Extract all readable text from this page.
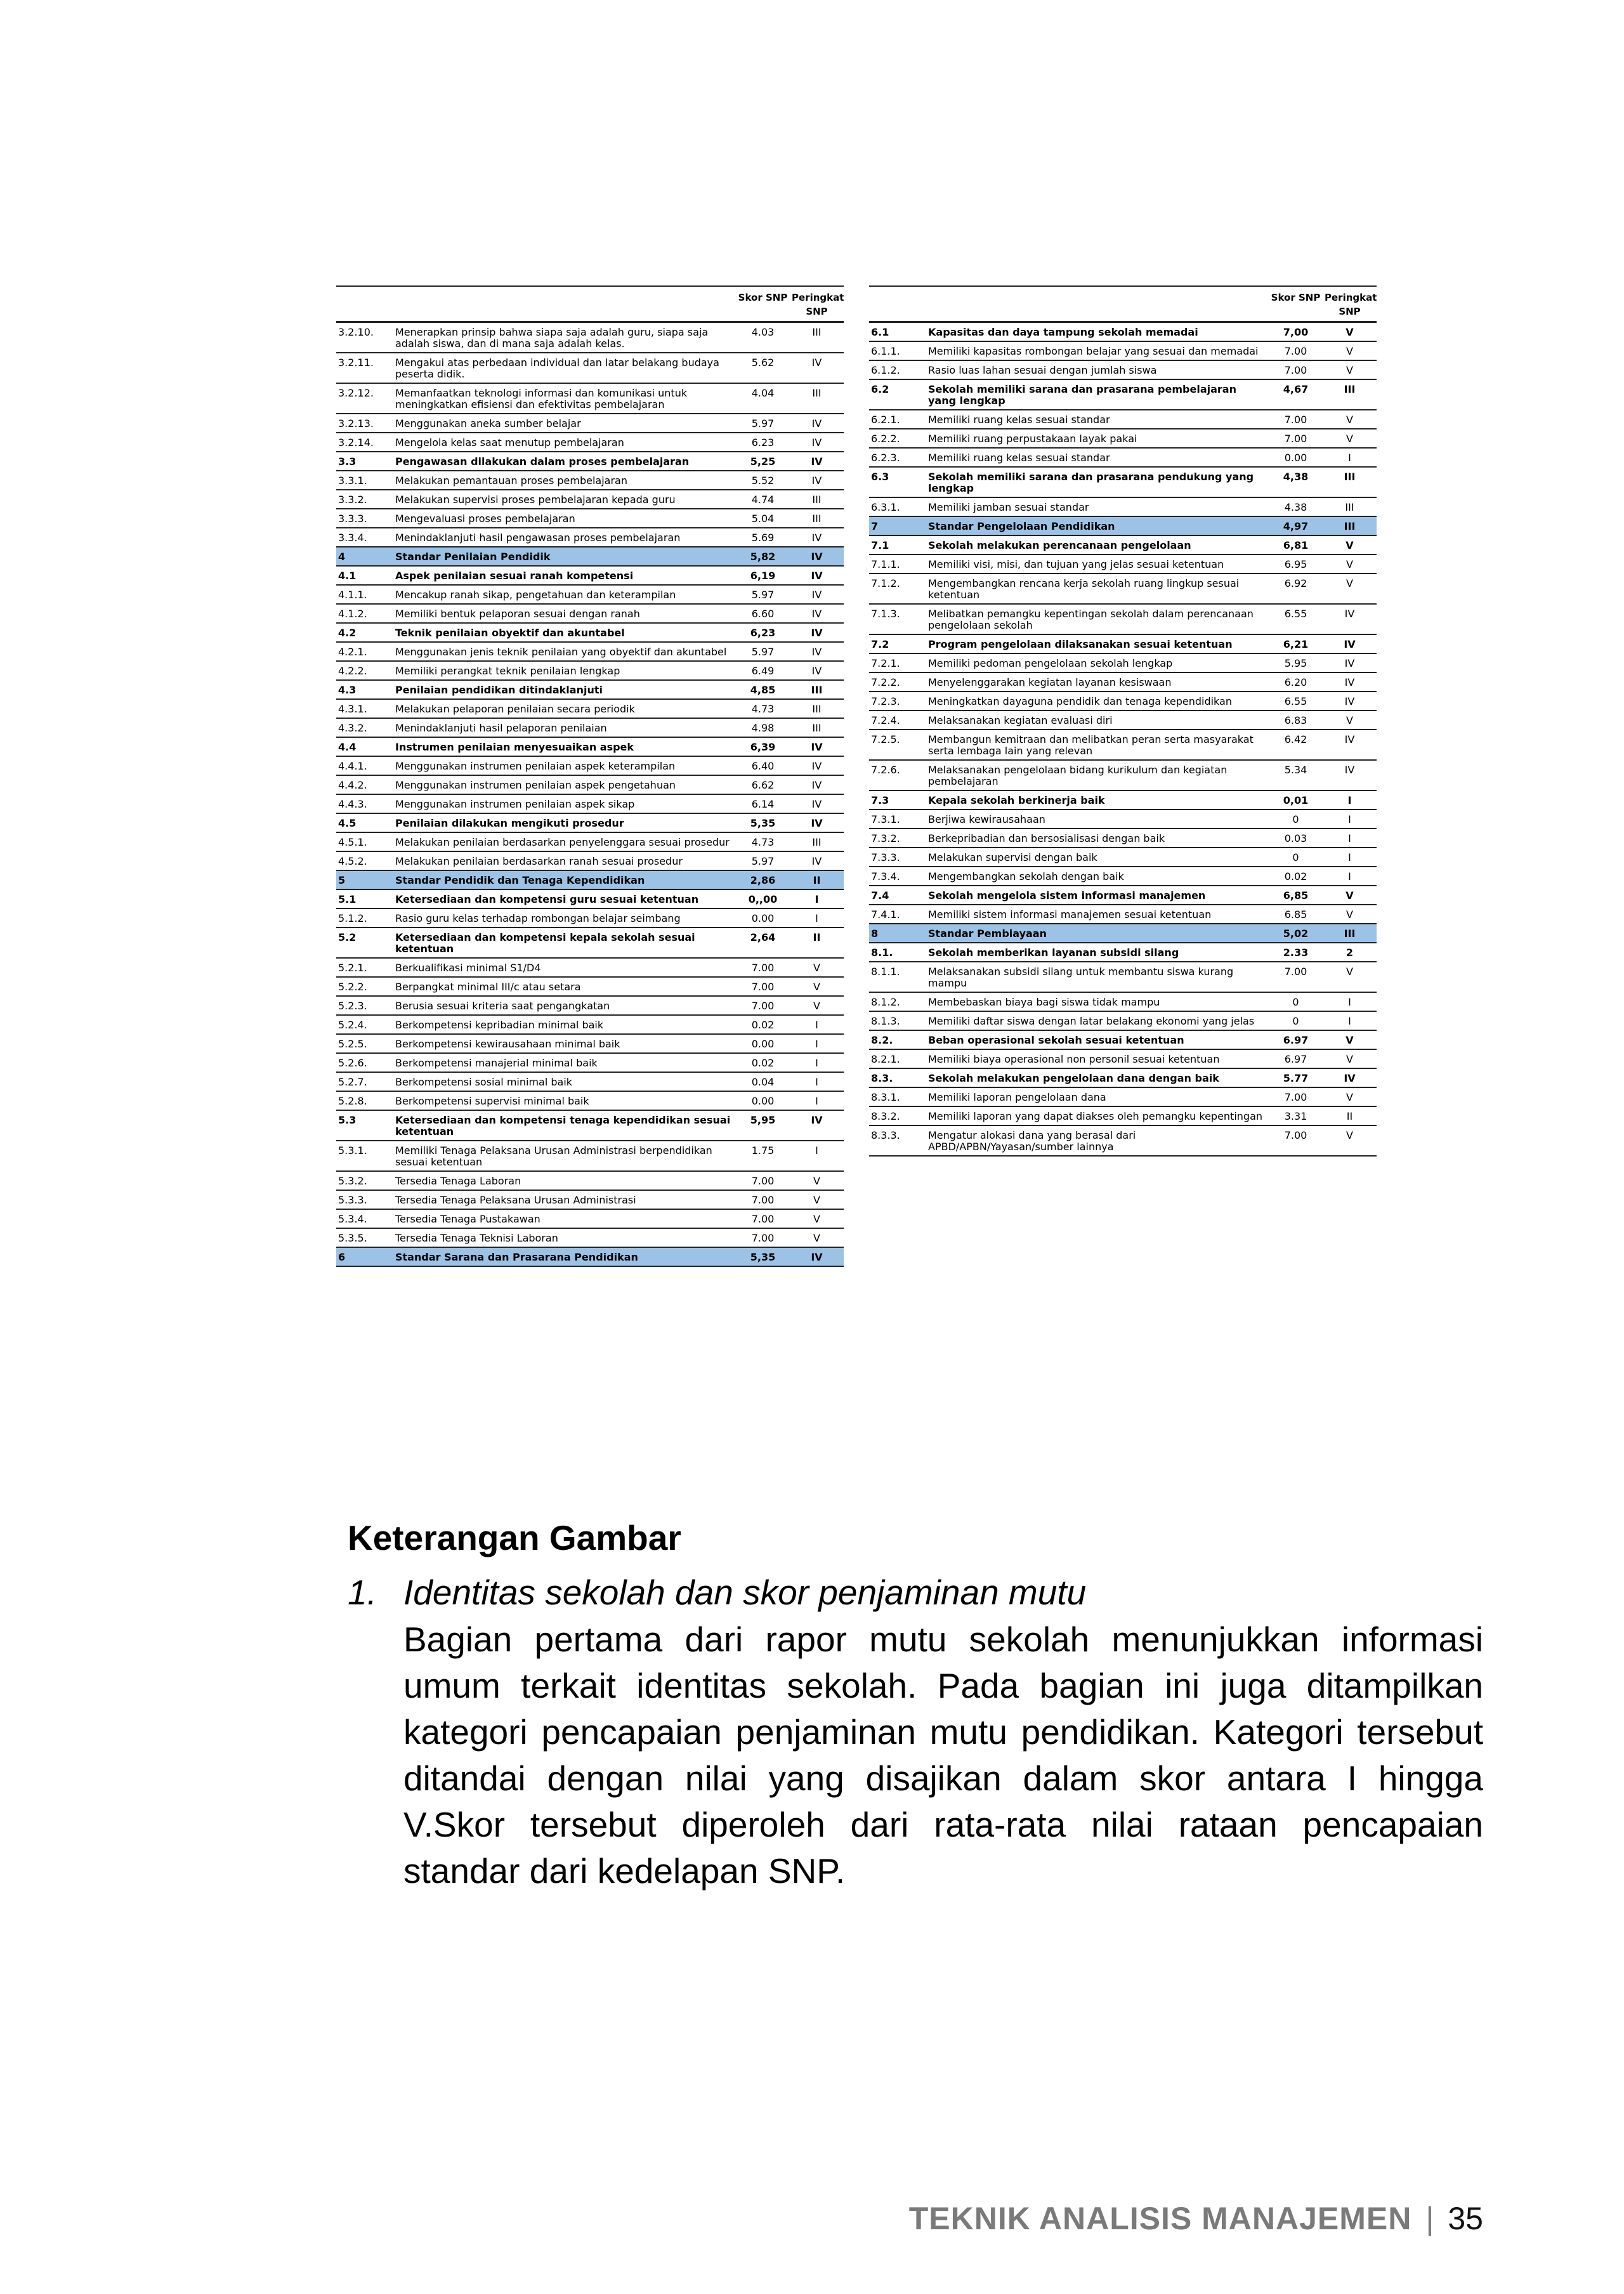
		Skor SNP	Peringkat SNP
3.2.10.	Menerapkan prinsip bahwa siapa saja adalah guru, siapa saja adalah siswa, dan di mana saja adalah kelas.	4.03	III
3.2.11.	Mengakui atas perbedaan individual dan latar belakang budaya peserta didik.	5.62	IV
3.2.12.	Memanfaatkan teknologi informasi dan komunikasi untuk meningkatkan efisiensi dan efektivitas pembelajaran	4.04	III
3.2.13.	Menggunakan aneka sumber belajar	5.97	IV
3.2.14.	Mengelola kelas saat menutup pembelajaran	6.23	IV
3.3	Pengawasan dilakukan dalam proses pembelajaran	5,25	IV
3.3.1.	Melakukan pemantauan proses pembelajaran	5.52	IV
3.3.2.	Melakukan supervisi proses pembelajaran kepada guru	4.74	III
3.3.3.	Mengevaluasi proses pembelajaran	5.04	III
3.3.4.	Menindaklanjuti hasil pengawasan proses pembelajaran	5.69	IV
4	Standar Penilaian Pendidik	5,82	IV
4.1	Aspek penilaian sesuai ranah kompetensi	6,19	IV
4.1.1.	Mencakup ranah sikap, pengetahuan dan keterampilan	5.97	IV
4.1.2.	Memiliki bentuk pelaporan sesuai dengan ranah	6.60	IV
4.2	Teknik penilaian obyektif dan akuntabel	6,23	IV
4.2.1.	Menggunakan jenis teknik penilaian yang obyektif dan akuntabel	5.97	IV
4.2.2.	Memiliki perangkat teknik penilaian lengkap	6.49	IV
4.3	Penilaian pendidikan ditindaklanjuti	4,85	III
4.3.1.	Melakukan pelaporan penilaian secara periodik	4.73	III
4.3.2.	Menindaklanjuti hasil pelaporan penilaian	4.98	III
4.4	Instrumen penilaian menyesuaikan aspek	6,39	IV
4.4.1.	Menggunakan instrumen penilaian aspek keterampilan	6.40	IV
4.4.2.	Menggunakan instrumen penilaian aspek pengetahuan	6.62	IV
4.4.3.	Menggunakan instrumen penilaian aspek sikap	6.14	IV
4.5	Penilaian dilakukan mengikuti prosedur	5,35	IV
4.5.1.	Melakukan penilaian berdasarkan penyelenggara sesuai prosedur	4.73	III
4.5.2.	Melakukan penilaian berdasarkan ranah sesuai prosedur	5.97	IV
5	Standar Pendidik dan Tenaga Kependidikan	2,86	II
5.1	Ketersediaan dan kompetensi guru sesuai ketentuan	0,,00	I
5.1.2.	Rasio guru kelas terhadap rombongan belajar seimbang	0.00	I
5.2	Ketersediaan dan kompetensi kepala sekolah sesuai ketentuan	2,64	II
5.2.1.	Berkualifikasi minimal S1/D4	7.00	V
5.2.2.	Berpangkat minimal III/c atau setara	7.00	V
5.2.3.	Berusia sesuai kriteria saat pengangkatan	7.00	V
5.2.4.	Berkompetensi kepribadian minimal baik	0.02	I
5.2.5.	Berkompetensi kewirausahaan minimal baik	0.00	I
5.2.6.	Berkompetensi manajerial minimal baik	0.02	I
5.2.7.	Berkompetensi sosial minimal baik	0.04	I
5.2.8.	Berkompetensi supervisi minimal baik	0.00	I
5.3	Ketersediaan dan kompetensi tenaga kependidikan sesuai ketentuan	5,95	IV
5.3.1.	Memiliki Tenaga Pelaksana Urusan Administrasi berpendidikan sesuai ketentuan	1.75	I
5.3.2.	Tersedia Tenaga Laboran	7.00	V
5.3.3.	Tersedia Tenaga Pelaksana Urusan Administrasi	7.00	V
5.3.4.	Tersedia Tenaga Pustakawan	7.00	V
5.3.5.	Tersedia Tenaga Teknisi Laboran	7.00	V
6	Standar Sarana dan Prasarana Pendidikan	5,35	IV
		Skor SNP	Peringkat SNP
6.1	Kapasitas dan daya tampung sekolah memadai	7,00	V
6.1.1.	Memiliki kapasitas rombongan belajar yang sesuai dan memadai	7.00	V
6.1.2.	Rasio luas lahan sesuai dengan jumlah siswa	7.00	V
6.2	Sekolah memiliki sarana dan prasarana pembelajaran yang lengkap	4,67	III
6.2.1.	Memiliki ruang kelas sesuai standar	7.00	V
6.2.2.	Memiliki ruang perpustakaan layak pakai	7.00	V
6.2.3.	Memiliki ruang kelas sesuai standar	0.00	I
6.3	Sekolah memiliki sarana dan prasarana pendukung yang lengkap	4,38	III
6.3.1.	Memiliki jamban sesuai standar	4.38	III
7	Standar Pengelolaan Pendidikan	4,97	III
7.1	Sekolah melakukan perencanaan pengelolaan	6,81	V
7.1.1.	Memiliki visi, misi, dan tujuan yang jelas sesuai ketentuan	6.95	V
7.1.2.	Mengembangkan rencana kerja sekolah ruang lingkup sesuai ketentuan	6.92	V
7.1.3.	Melibatkan pemangku kepentingan sekolah dalam perencanaan pengelolaan sekolah	6.55	IV
7.2	Program pengelolaan dilaksanakan sesuai ketentuan	6,21	IV
7.2.1.	Memiliki pedoman pengelolaan sekolah lengkap	5.95	IV
7.2.2.	Menyelenggarakan kegiatan layanan kesiswaan	6.20	IV
7.2.3.	Meningkatkan dayaguna pendidik dan tenaga kependidikan	6.55	IV
7.2.4.	Melaksanakan kegiatan evaluasi diri	6.83	V
7.2.5.	Membangun kemitraan dan melibatkan peran serta masyarakat serta lembaga lain yang relevan	6.42	IV
7.2.6.	Melaksanakan pengelolaan bidang kurikulum dan kegiatan pembelajaran	5.34	IV
7.3	Kepala sekolah berkinerja baik	0,01	I
7.3.1.	Berjiwa kewirausahaan	0	I
7.3.2.	Berkepribadian dan bersosialisasi dengan baik	0.03	I
7.3.3.	Melakukan supervisi dengan baik	0	I
7.3.4.	Mengembangkan sekolah dengan baik	0.02	I
7.4	Sekolah mengelola sistem informasi manajemen	6,85	V
7.4.1.	Memiliki sistem informasi manajemen sesuai ketentuan	6.85	V
8	Standar Pembiayaan	5,02	III
8.1.	Sekolah memberikan layanan subsidi silang	2.33	2
8.1.1.	Melaksanakan subsidi silang untuk membantu siswa kurang mampu	7.00	V
8.1.2.	Membebaskan biaya bagi siswa tidak mampu	0	I
8.1.3.	Memiliki daftar siswa dengan latar belakang ekonomi yang jelas	0	I
8.2.	Beban operasional sekolah sesuai ketentuan	6.97	V
8.2.1.	Memiliki biaya operasional non personil sesuai ketentuan	6.97	V
8.3.	Sekolah melakukan pengelolaan dana dengan baik	5.77	IV
8.3.1.	Memiliki laporan pengelolaan dana	7.00	V
8.3.2.	Memiliki laporan yang dapat diakses oleh pemangku kepentingan	3.31	II
8.3.3.	Mengatur alokasi dana yang berasal dari APBD/APBN/Yayasan/sumber lainnya	7.00	V
Keterangan Gambar
1. Identitas sekolah dan skor penjaminan mutu
Bagian pertama dari rapor mutu sekolah menunjukkan informasi umum terkait identitas sekolah. Pada bagian ini juga ditampilkan kategori pencapaian penjaminan mutu pendidikan. Kategori tersebut ditandai dengan nilai yang disajikan dalam skor antara I hingga V.Skor tersebut diperoleh dari rata-rata nilai rataan pencapaian standar dari kedelapan SNP.
TEKNIK ANALISIS MANAJEMEN | 35
